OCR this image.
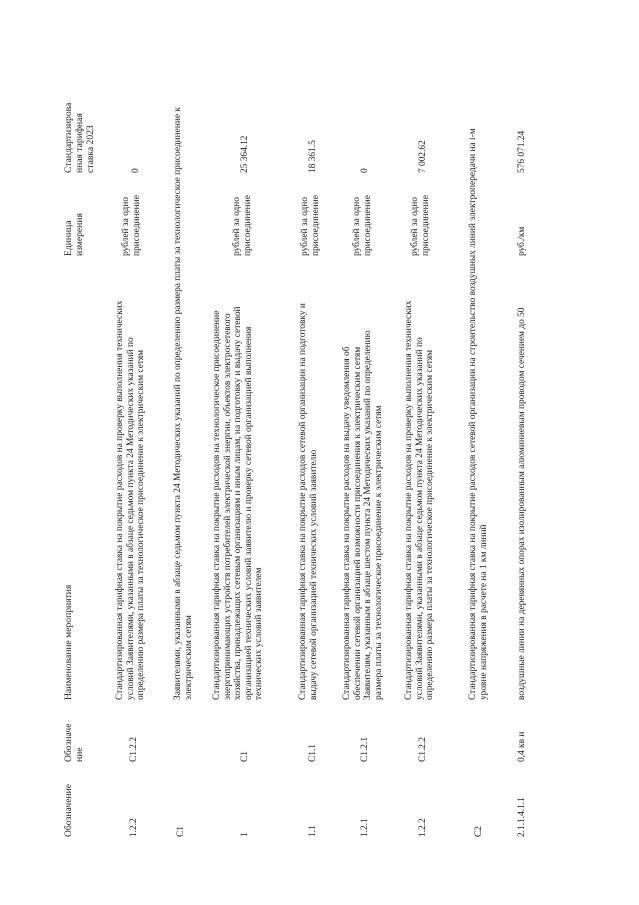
Обозначение
Обозначе ние
Наименование мероприятия
Единица измерения
Стандартизирова нная тарифная ставка 2023
1.2.2
С1.2.2
Стандартизированная тарифная ставка на покрытие расходов на проверку выполнения технических условий Заявителями, указанными в абзаце седьмом пункта 24 Методических указаний по определению размера платы за технологическое присоединение к электрическим сетям
рублей за одно присоединение
0
C1
Заявителями, указанными в абзаце седьмом пункта 24 Методических указаний по определению размера платы за технологическое присоединение к электрическим сетям
1
C1
Стандартизированная тарифная ставка на покрытие расходов на технологическое присоединение энергопринимающих устройств потребителей электрической энергии, объектов электросетевого хозяйства, принадлежащих сетевым организациям и иным лицам, на подготовку и выдачу сетевой организацией технических условий заявителю и проверку сетевой организацией выполнения технических условий заявителем
рублей за одно присоединение
25 364.12
1.1
С1.1
Стандартизированная тарифная ставка на покрытие расходов сетевой организации на подготовку и выдачу сетевой организацией технических условий заявителю
рублей за одно присоединение
18 361.5
1.2.1
С1.2.1
Стандартизированная тарифная ставка на покрытие расходов на выдачу уведомления об обеспечении сетевой организацией возможности присоединения к электрическим сетям Заявителям, указанным в абзаце шестом пункта 24 Методических указаний по определению размера платы за технологическое присоединение к электрическим сетям
рублей за одно присоединение
0
1.2.2
С1.2.2
Стандартизированная тарифная ставка на покрытие расходов на проверку выполнения технических условий Заявителями, указанными в абзаце седьмом пункта 24 Методических указаний по определению размера платы за технологическое присоединение к электрическим сетям
рублей за одно присоединение
7 002.62
C2
Стандартизированная тарифная ставка на покрытие расходов сетевой организации на строительство воздушных линий электропередачи на i-м уровне напряжения в расчете на 1 км линий
2.1.1.4.1.1
0,4 кв и
воздушные линии на деревянных опорах изолированным алюминиевым проводом сечением до 50
руб./км
576 071.24
